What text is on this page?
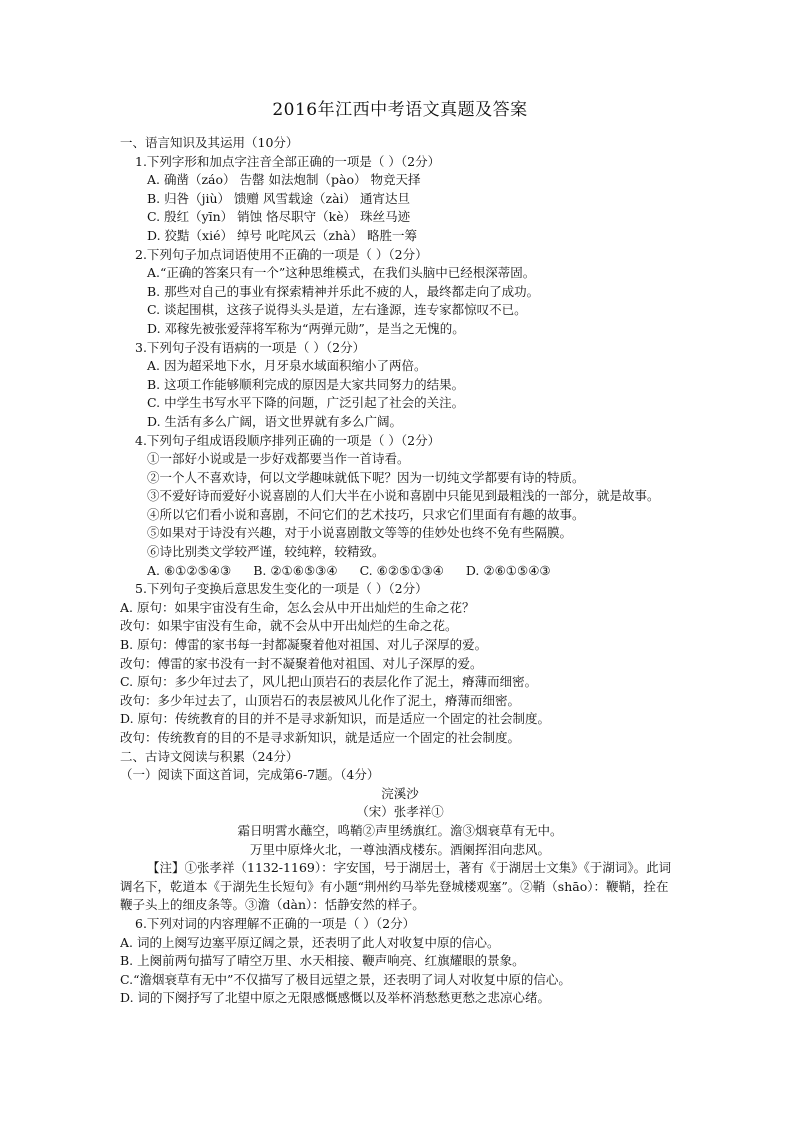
2016年江西中考语文真题及答案
一、语言知识及其运用（10分）
1.下列字形和加点字注音全部正确的一项是（ ）（2分）
A. 确凿（záo） 告罄 如法炮制（pào） 物竞天择
B. 归咎（jiù） 馈赠 风雪载途（zài） 通宵达旦
C. 殷红（yīn） 销蚀 恪尽职守（kè） 珠丝马迹
D. 狡黠（xié） 绰号 叱咤风云（zhà） 略胜一筹
2.下列句子加点词语使用不正确的一项是（ ）（2分）
A.“正确的答案只有一个”这种思维模式，在我们头脑中已经根深蒂固。
B. 那些对自己的事业有探索精神并乐此不疲的人，最终都走向了成功。
C. 谈起围棋，这孩子说得头头是道，左右逢源，连专家都惊叹不已。
D. 邓稼先被张爱萍将军称为“两弹元勋”，是当之无愧的。
3.下列句子没有语病的一项是（ ）（2分）
A. 因为超采地下水，月牙泉水域面积缩小了两倍。
B. 这项工作能够顺利完成的原因是大家共同努力的结果。
C. 中学生书写水平下降的问题，广泛引起了社会的关注。
D. 生活有多么广阔，语文世界就有多么广阔。
4.下列句子组成语段顺序排列正确的一项是（ ）（2分）
①一部好小说或是一步好戏都要当作一首诗看。
②一个人不喜欢诗，何以文学趣味就低下呢？因为一切纯文学都要有诗的特质。
③不爱好诗而爱好小说喜剧的人们大半在小说和喜剧中只能见到最粗浅的一部分，就是故事。
④所以它们看小说和喜剧，不问它们的艺术技巧，只求它们里面有有趣的故事。
⑤如果对于诗没有兴趣，对于小说喜剧散文等等的佳妙处也终不免有些隔膜。
⑥诗比别类文学较严谨，较纯粹，较精致。
A. ⑥①②⑤④③ B. ②①⑥⑤③④ C. ⑥②⑤①③④ D. ②⑥①⑤④③
5.下列句子变换后意思发生变化的一项是（ ）（2分）
A. 原句：如果宇宙没有生命，怎么会从中开出灿烂的生命之花？
改句：如果宇宙没有生命，就不会从中开出灿烂的生命之花。
B. 原句：傅雷的家书每一封都凝聚着他对祖国、对儿子深厚的爱。
改句：傅雷的家书没有一封不凝聚着他对祖国、对儿子深厚的爱。
C. 原句：多少年过去了，风儿把山顶岩石的表层化作了泥土，瘠薄而细密。
改句：多少年过去了，山顶岩石的表层被风儿化作了泥土，瘠薄而细密。
D. 原句：传统教育的目的并不是寻求新知识，而是适应一个固定的社会制度。
改句：传统教育的目的不是寻求新知识，就是适应一个固定的社会制度。
二、古诗文阅读与积累（24分）
（一）阅读下面这首词，完成第6-7题。（4分）
浣溪沙
（宋）张孝祥①
霜日明霄水蘸空，鸣鞘②声里绣旗红。澹③烟衰草有无中。
万里中原烽火北，一尊浊酒戍楼东。酒阑挥泪向悲风。
【注】①张孝祥（1132-1169）：字安国，号于湖居士，著有《于湖居士文集》《于湖词》。此词调名下，乾道本《于湖先生长短句》有小题“荆州约马举先登城楼观塞”。②鞘（shāo）：鞭鞘，拴在鞭子头上的细皮条等。③澹（dàn）：恬静安然的样子。
6.下列对词的内容理解不正确的一项是（ ）（2分）
A. 词的上阕写边塞平原辽阔之景，还表明了此人对收复中原的信心。
B. 上阕前两句描写了晴空万里、水天相接、鞭声响亮、红旗耀眼的景象。
C.“澹烟衰草有无中”不仅描写了极目远望之景，还表明了词人对收复中原的信心。
D. 词的下阕抒写了北望中原之无限感慨感慨以及举杯消愁愁更愁之悲凉心绪。
